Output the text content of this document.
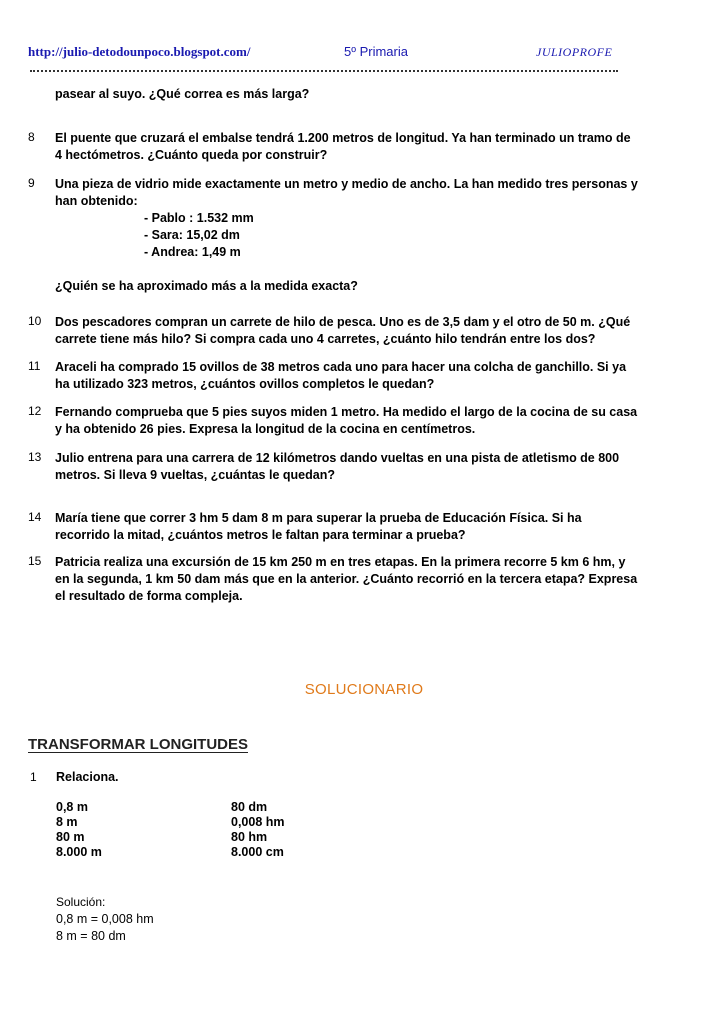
http://julio-detodounpoco.blogspot.com/	5º Primaria	JULIOPROFE
pasear al suyo. ¿Qué correa es más larga?
8 El puente que cruzará el embalse tendrá 1.200 metros de longitud. Ya han terminado un tramo de
4 hectómetros. ¿Cuánto queda por construir?
9 Una pieza de vidrio mide exactamente un metro y medio de ancho. La han medido tres personas y
han obtenido:
- Pablo : 1.532 mm
- Sara: 15,02 dm
- Andrea: 1,49 m
¿Quién se ha aproximado más a la medida exacta?
10 Dos pescadores compran un carrete de hilo de pesca. Uno es de 3,5 dam y el otro de 50 m. ¿Qué
carrete tiene más hilo? Si compra cada uno 4 carretes, ¿cuánto hilo tendrán entre los dos?
11 Araceli ha comprado 15 ovillos de 38 metros cada uno para hacer una colcha de ganchillo. Si ya
ha utilizado 323 metros, ¿cuántos ovillos completos le quedan?
12 Fernando comprueba que 5 pies suyos miden 1 metro. Ha medido el largo de la cocina de su casa
y ha obtenido 26 pies. Expresa la longitud de la cocina en centímetros.
13 Julio entrena para una carrera de 12 kilómetros dando vueltas en una pista de atletismo de 800
metros. Si lleva 9 vueltas, ¿cuántas le quedan?
14 María tiene que correr 3 hm 5 dam 8 m para superar la prueba de Educación Física. Si ha
recorrido la mitad, ¿cuántos metros le faltan para terminar a prueba?
15 Patricia realiza una excursión de 15 km 250 m en tres etapas. En la primera recorre 5 km 6 hm, y
en la segunda, 1 km 50 dam más que en la anterior. ¿Cuánto recorrió en la tercera etapa? Expresa
el resultado de forma compleja.
SOLUCIONARIO
TRANSFORMAR LONGITUDES
1 Relaciona.
0,8 m	80 dm
8 m	0,008 hm
80 m	80 hm
8.000 m	8.000 cm
Solución:
0,8 m = 0,008 hm
8 m = 80 dm
